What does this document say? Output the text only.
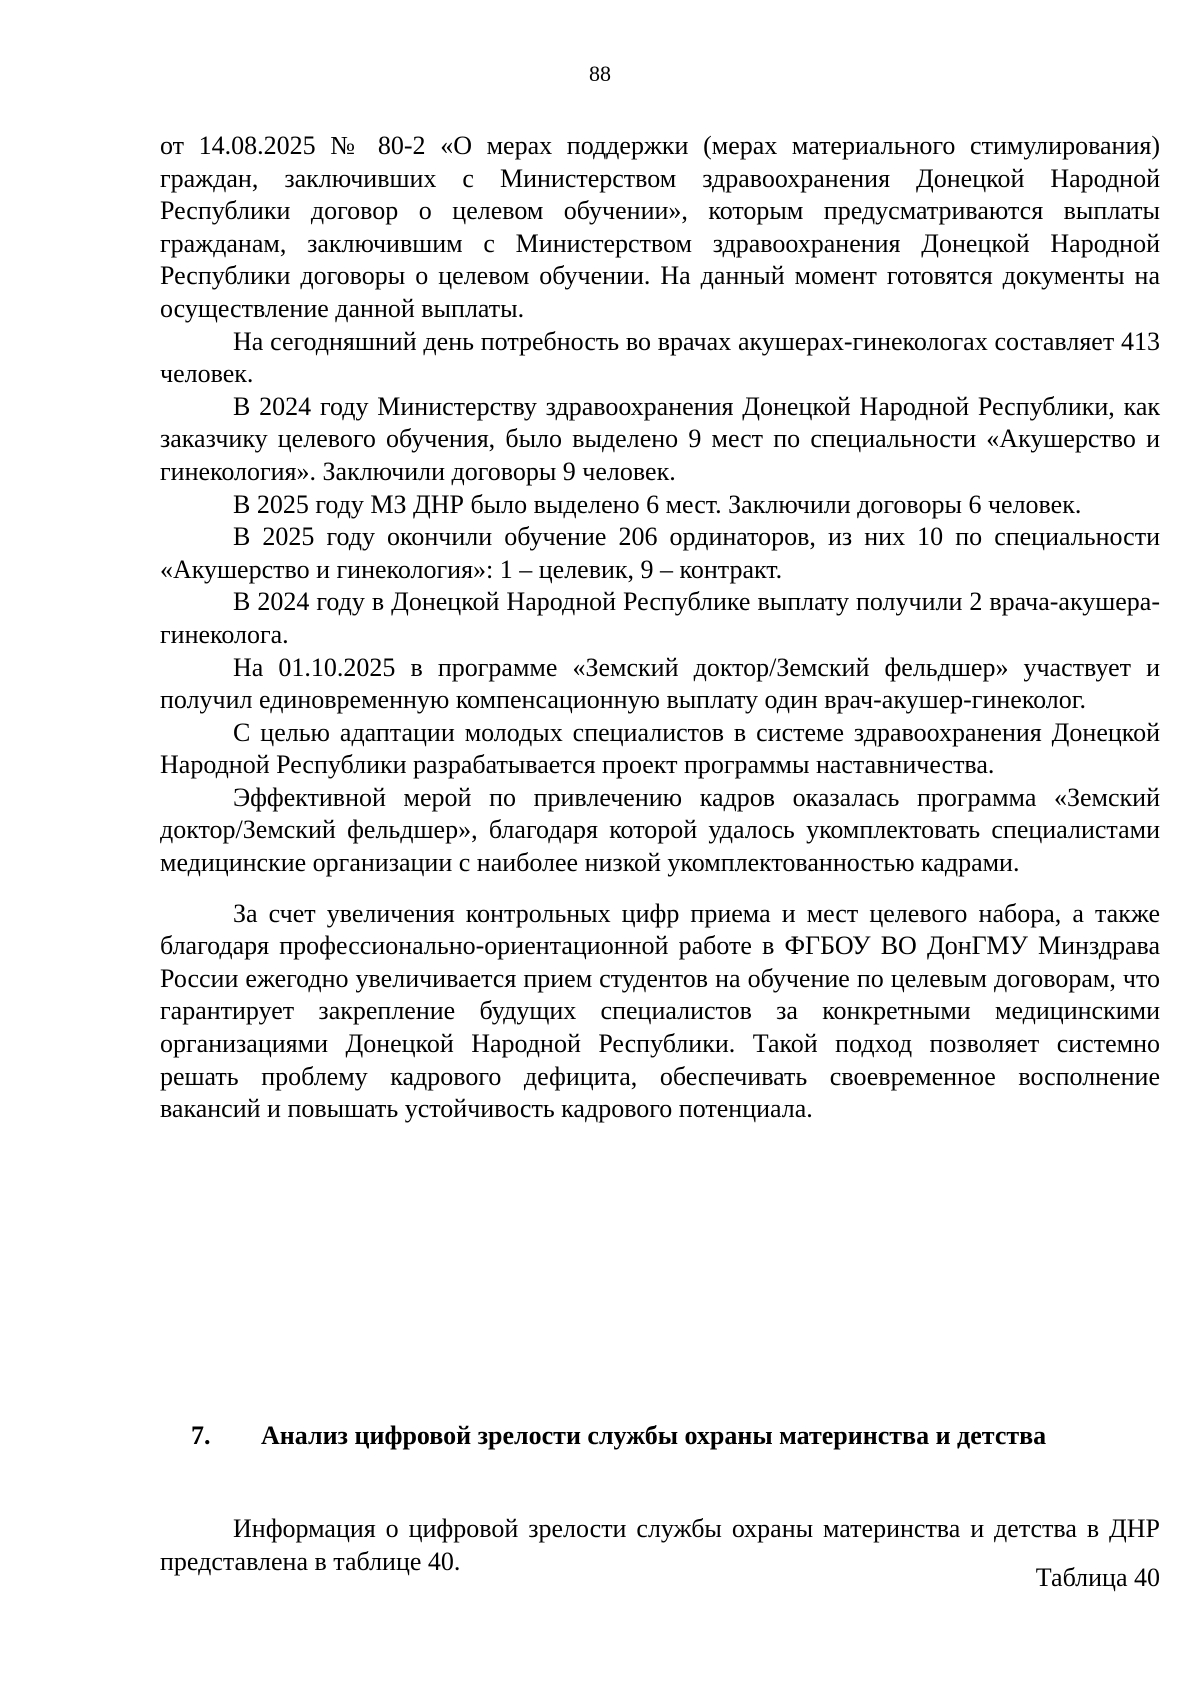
88

от 14.08.2025 № 80-2 «О мерах поддержки (мерах материального стимулирования) граждан, заключивших с Министерством здравоохранения Донецкой Народной Республики договор о целевом обучении», которым предусматриваются выплаты гражданам, заключившим с Министерством здравоохранения Донецкой Народной Республики договоры о целевом обучении. На данный момент готовятся документы на осуществление данной выплаты.

На сегодняшний день потребность во врачах акушерах-гинекологах составляет 413 человек.

В 2024 году Министерству здравоохранения Донецкой Народной Республики, как заказчику целевого обучения, было выделено 9 мест по специальности «Акушерство и гинекология». Заключили договоры 9 человек.

В 2025 году МЗ ДНР было выделено 6 мест. Заключили договоры 6 человек.

В 2025 году окончили обучение 206 ординаторов, из них 10 по специальности «Акушерство и гинекология»: 1 – целевик, 9 – контракт.

В 2024 году в Донецкой Народной Республике выплату получили 2 врача-акушера-гинеколога.

На 01.10.2025 в программе «Земский доктор/Земский фельдшер» участвует и получил единовременную компенсационную выплату один врач-акушер-гинеколог.

С целью адаптации молодых специалистов в системе здравоохранения Донецкой Народной Республики разрабатывается проект программы наставничества.

Эффективной мерой по привлечению кадров оказалась программа «Земский доктор/Земский фельдшер», благодаря которой удалось укомплектовать специалистами медицинские организации с наиболее низкой укомплектованностью кадрами.

За счет увеличения контрольных цифр приема и мест целевого набора, а также благодаря профессионально-ориентационной работе в ФГБОУ ВО ДонГМУ Минздрава России ежегодно увеличивается прием студентов на обучение по целевым договорам, что гарантирует закрепление будущих специалистов за конкретными медицинскими организациями Донецкой Народной Республики. Такой подход позволяет системно решать проблему кадрового дефицита, обеспечивать своевременное восполнение вакансий и повышать устойчивость кадрового потенциала.

7. Анализ цифровой зрелости службы охраны материнства и детства

Информация о цифровой зрелости службы охраны материнства и детства в ДНР представлена в таблице 40.

Таблица 40
